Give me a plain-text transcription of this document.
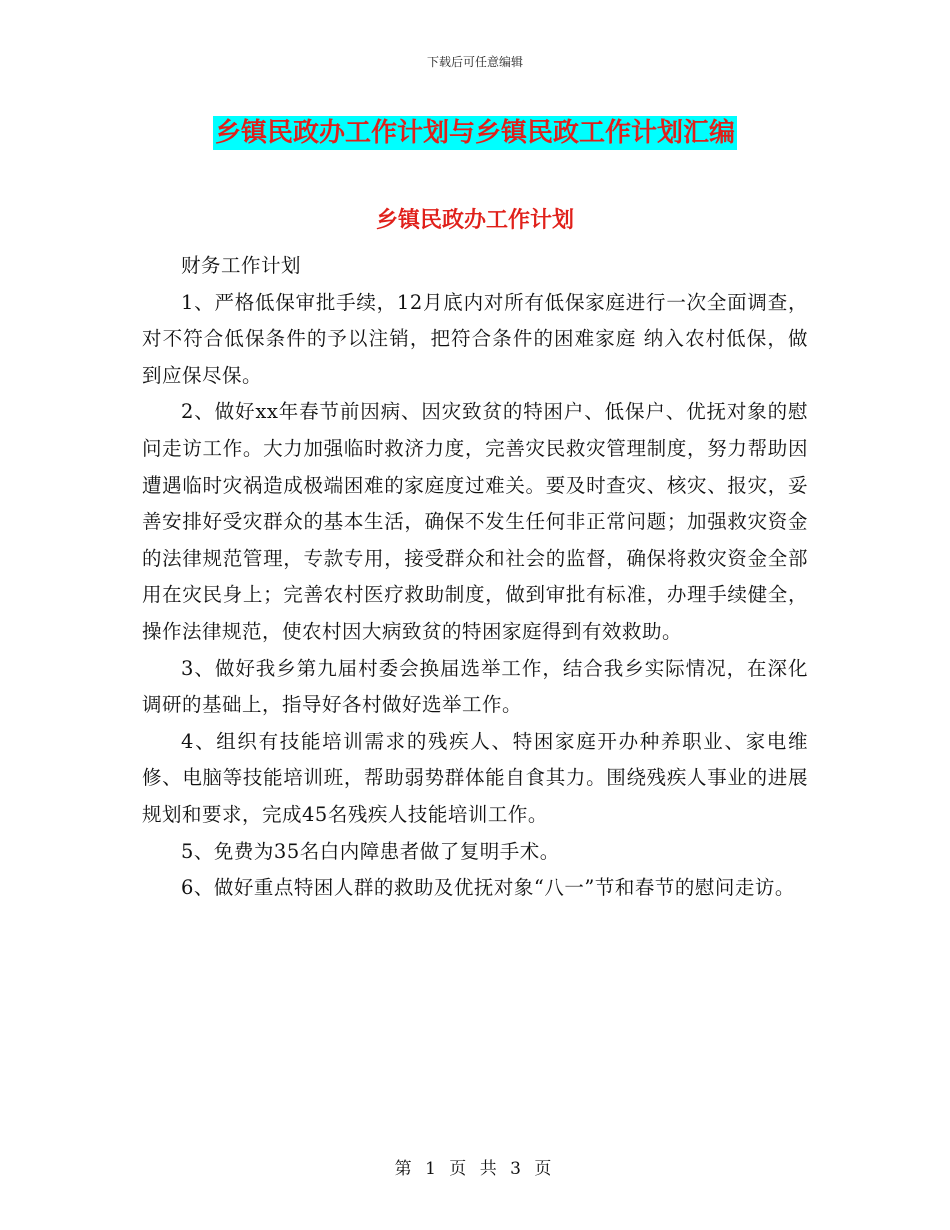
下载后可任意编辑
乡镇民政办工作计划与乡镇民政工作计划汇编
乡镇民政办工作计划

财务工作计划

1、严格低保审批手续，12月底内对所有低保家庭进行一次全面调查，对不符合低保条件的予以注销，把符合条件的困难家庭 纳入农村低保，做到应保尽保。

2、做好xx年春节前因病、因灾致贫的特困户、低保户、优抚对象的慰问走访工作。大力加强临时救济力度，完善灾民救灾管理制度，努力帮助因遭遇临时灾祸造成极端困难的家庭度过难关。要及时查灾、核灾、报灾，妥善安排好受灾群众的基本生活，确保不发生任何非正常问题；加强救灾资金的法律规范管理，专款专用，接受群众和社会的监督，确保将救灾资金全部用在灾民身上；完善农村医疗救助制度，做到审批有标准，办理手续健全，操作法律规范，使农村因大病致贫的特困家庭得到有效救助。

3、做好我乡第九届村委会换届选举工作，结合我乡实际情况，在深化调研的基础上，指导好各村做好选举工作。

4、组织有技能培训需求的残疾人、特困家庭开办种养职业、家电维修、电脑等技能培训班，帮助弱势群体能自食其力。围绕残疾人事业的进展规划和要求，完成45名残疾人技能培训工作。

5、免费为35名白内障患者做了复明手术。

6、做好重点特困人群的救助及优抚对象“八一”节和春节的慰问走访。

第 1 页 共 3 页
